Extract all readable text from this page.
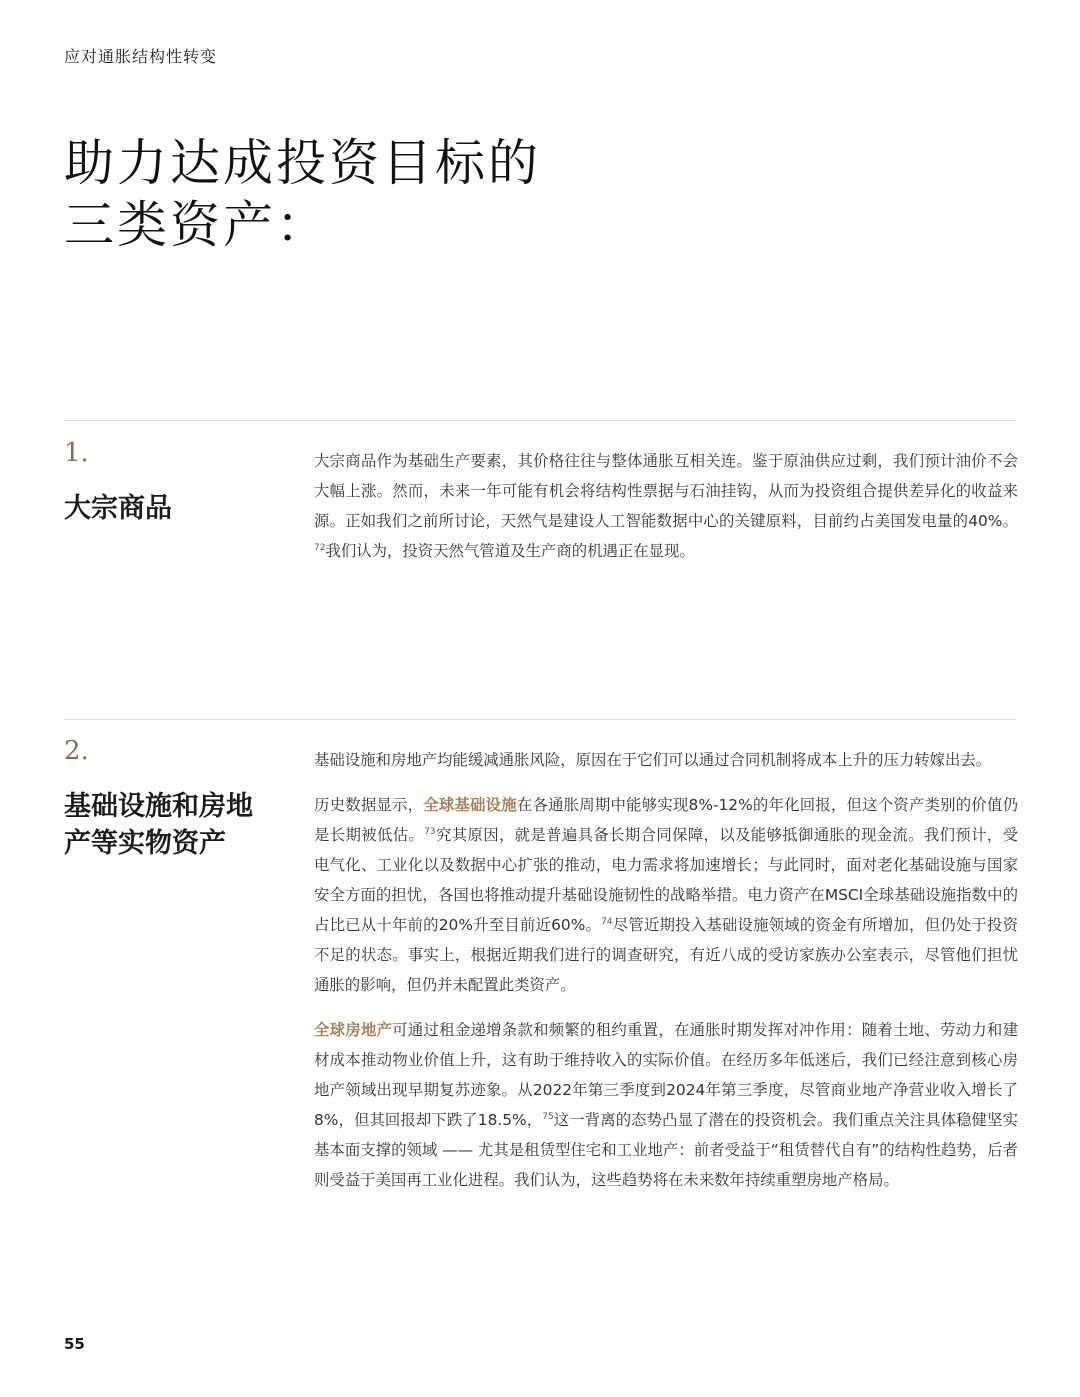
应对通胀结构性转变
助力达成投资目标的
三类资产：
1.
大宗商品

大宗商品作为基础生产要素，其价格往往与整体通胀互相关连。鉴于原油供应过剩，我们预计油价不会大幅上涨。然而，未来一年可能有机会将结构性票据与石油挂钩，从而为投资组合提供差异化的收益来源。正如我们之前所讨论，天然气是建设人工智能数据中心的关键原料，目前约占美国发电量的40%。$^{72}$我们认为，投资天然气管道及生产商的机遇正在显现。

2.
基础设施和房地
产等实物资产

基础设施和房地产均能缓减通胀风险，原因在于它们可以通过合同机制将成本上升的压力转嫁出去。

历史数据显示，全球基础设施在各通胀周期中能够实现8%-12%的年化回报，但这个资产类别的价值仍是长期被低估。$^{73}$究其原因，就是普遍具备长期合同保障，以及能够抵御通胀的现金流。我们预计，受电气化、工业化以及数据中心扩张的推动，电力需求将加速增长；与此同时，面对老化基础设施与国家安全方面的担忧，各国也将推动提升基础设施韧性的战略举措。电力资产在MSCI全球基础设施指数中的占比已从十年前的20%升至目前近60%。$^{74}$尽管近期投入基础设施领域的资金有所增加，但仍处于投资不足的状态。事实上，根据近期我们进行的调查研究，有近八成的受访家族办公室表示，尽管他们担忧通胀的影响，但仍并未配置此类资产。

全球房地产可通过租金递增条款和频繁的租约重置，在通胀时期发挥对冲作用：随着土地、劳动力和建材成本推动物业价值上升，这有助于维持收入的实际价值。在经历多年低迷后，我们已经注意到核心房地产领域出现早期复苏迹象。从2022年第三季度到2024年第三季度，尽管商业地产净营业收入增长了8%，但其回报却下跌了18.5%，$^{75}$这一背离的态势凸显了潜在的投资机会。我们重点关注具体稳健坚实基本面支撑的领域 —— 尤其是租赁型住宅和工业地产：前者受益于“租赁替代自有”的结构性趋势，后者则受益于美国再工业化进程。我们认为，这些趋势将在未来数年持续重塑房地产格局。

55
